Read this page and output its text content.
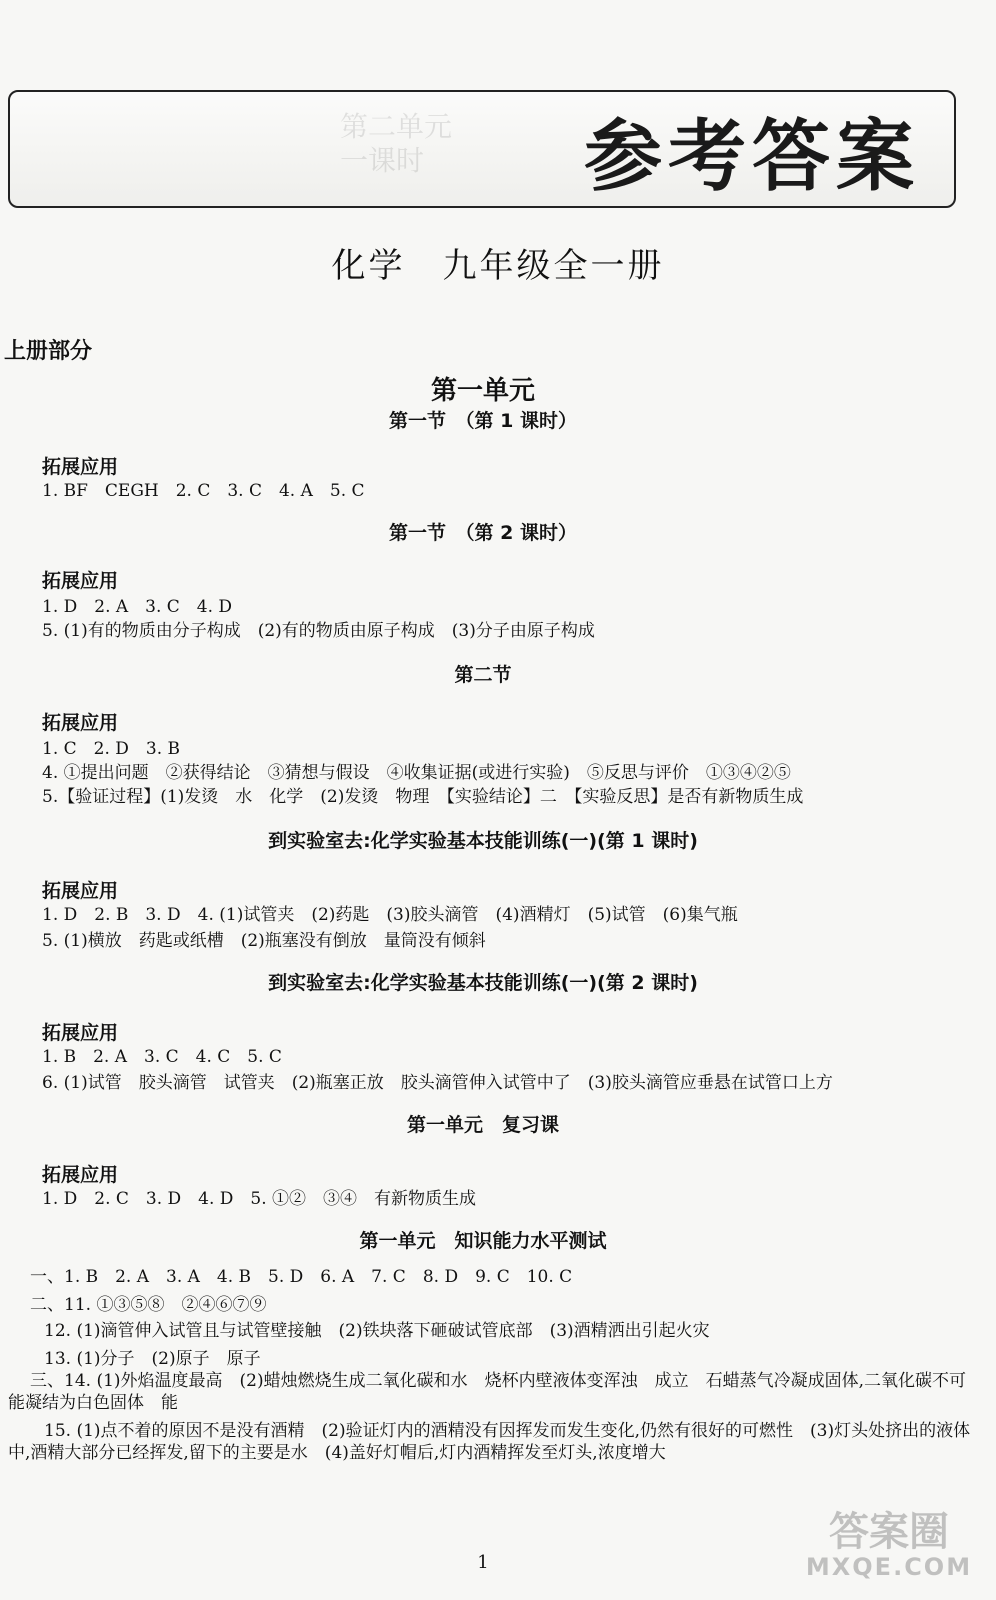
第二单元
一课时	参考答案
化学　九年级全一册
上册部分
第一单元
第一节　（第 1 课时）
拓展应用
1. BF　CEGH　2. C　3. C　4. A　5. C
第一节　（第 2 课时）
拓展应用
1. D　2. A　3. C　4. D
5. (1)有的物质由分子构成　(2)有的物质由原子构成　(3)分子由原子构成
第二节
拓展应用
1. C　2. D　3. B
4. ①提出问题　②获得结论　③猜想与假设　④收集证据(或进行实验)　⑤反思与评价　①③④②⑤
5.【验证过程】(1)发烫　水　化学　(2)发烫　物理　【实验结论】二　【实验反思】是否有新物质生成
到实验室去:化学实验基本技能训练(一)(第 1 课时)
拓展应用
1. D　2. B　3. D　4. (1)试管夹　(2)药匙　(3)胶头滴管　(4)酒精灯　(5)试管　(6)集气瓶
5. (1)横放　药匙或纸槽　(2)瓶塞没有倒放　量筒没有倾斜
到实验室去:化学实验基本技能训练(一)(第 2 课时)
拓展应用
1. B　2. A　3. C　4. C　5. C
6. (1)试管　胶头滴管　试管夹　(2)瓶塞正放　胶头滴管伸入试管中了　(3)胶头滴管应垂悬在试管口上方
第一单元　复习课
拓展应用
1. D　2. C　3. D　4. D　5. ①②　③④　有新物质生成
第一单元　知识能力水平测试
一、1. B　2. A　3. A　4. B　5. D　6. A　7. C　8. D　9. C　10. C
二、11. ①③⑤⑧　②④⑥⑦⑨
12. (1)滴管伸入试管且与试管壁接触　(2)铁块落下砸破试管底部　(3)酒精洒出引起火灾
13. (1)分子　(2)原子　原子
三、14. (1)外焰温度最高　(2)蜡烛燃烧生成二氧化碳和水　烧杯内壁液体变浑浊　成立　石蜡蒸气冷凝成固体,二氧化碳不可能凝结为白色固体　能
15. (1)点不着的原因不是没有酒精　(2)验证灯内的酒精没有因挥发而发生变化,仍然有很好的可燃性　(3)灯头处挤出的液体中,酒精大部分已经挥发,留下的主要是水　(4)盖好灯帽后,灯内酒精挥发至灯头,浓度增大
1
答案圈
MXQE.COM
